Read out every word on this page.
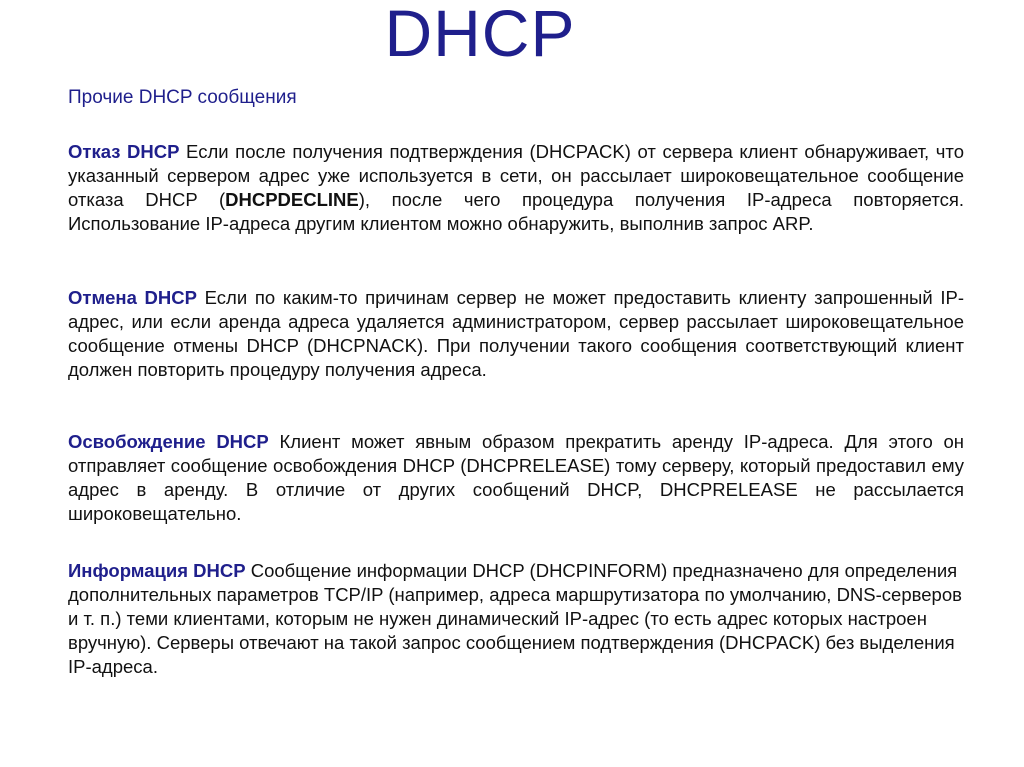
DHCP
Прочие DHCP сообщения
Отказ DHCP Если после получения подтверждения (DHCPACK) от сервера клиент обнаруживает, что указанный сервером адрес уже используется в сети, он рассылает широковещательное сообщение отказа DHCP (DHCPDECLINE), после чего процедура получения IP-адреса повторяется. Использование IP-адреса другим клиентом можно обнаружить, выполнив запрос ARP.
Отмена DHCP Если по каким-то причинам сервер не может предоставить клиенту запрошенный IP-адрес, или если аренда адреса удаляется администратором, сервер рассылает широковещательное сообщение отмены DHCP (DHCPNACK). При получении такого сообщения соответствующий клиент должен повторить процедуру получения адреса.
Освобождение DHCP Клиент может явным образом прекратить аренду IP-адреса. Для этого он отправляет сообщение освобождения DHCP (DHCPRELEASE) тому серверу, который предоставил ему адрес в аренду. В отличие от других сообщений DHCP, DHCPRELEASE не рассылается широковещательно.
Информация DHCP Сообщение информации DHCP (DHCPINFORM) предназначено для определения дополнительных параметров TCP/IP (например, адреса маршрутизатора по умолчанию, DNS-серверов и т. п.) теми клиентами, которым не нужен динамический IP-адрес (то есть адрес которых настроен вручную). Серверы отвечают на такой запрос сообщением подтверждения (DHCPACK) без выделения IP-адреса.
